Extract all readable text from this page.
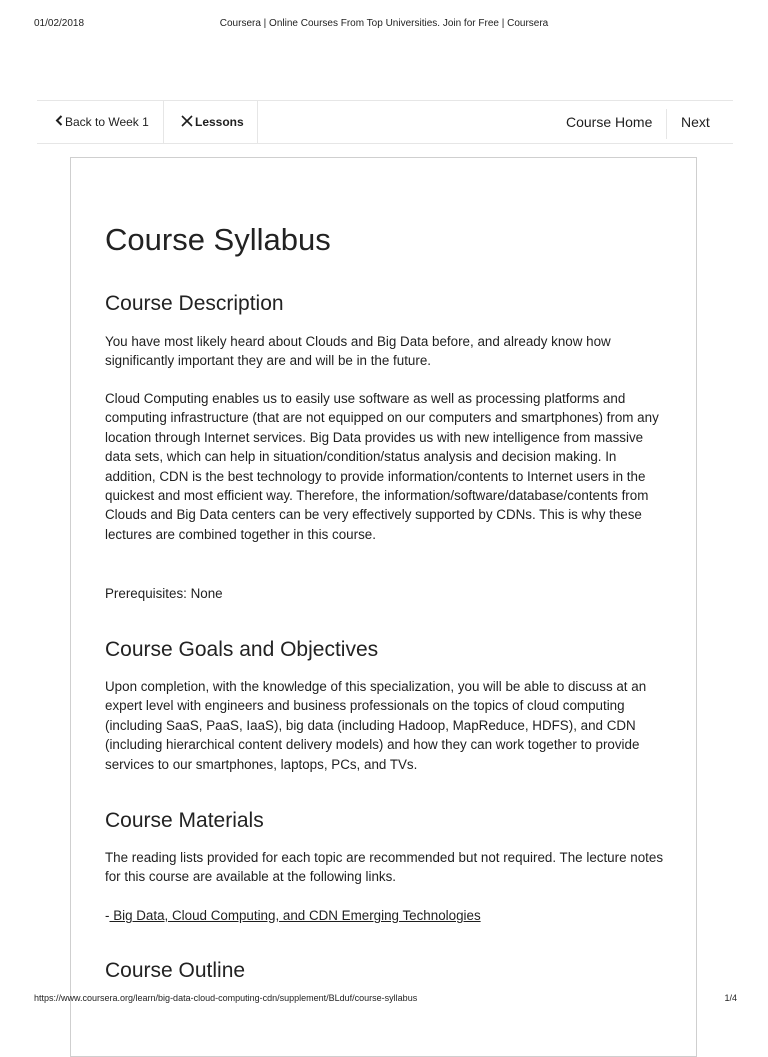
01/02/2018	Coursera | Online Courses From Top Universities. Join for Free | Coursera
Back to Week 1	Lessons	Course Home Next
Course Syllabus
Course Description

You have most likely heard about Clouds and Big Data before, and already know how significantly important they are and will be in the future.

Cloud Computing enables us to easily use software as well as processing platforms and computing infrastructure (that are not equipped on our computers and smartphones) from any location through Internet services. Big Data provides us with new intelligence from massive data sets, which can help in situation/condition/status analysis and decision making. In addition, CDN is the best technology to provide information/contents to Internet users in the quickest and most efficient way. Therefore, the information/software/database/contents from Clouds and Big Data centers can be very effectively supported by CDNs. This is why these lectures are combined together in this course.

Prerequisites: None

Course Goals and Objectives

Upon completion, with the knowledge of this specialization, you will be able to discuss at an expert level with engineers and business professionals on the topics of cloud computing (including SaaS, PaaS, IaaS), big data (including Hadoop, MapReduce, HDFS), and CDN (including hierarchical content delivery models) and how they can work together to provide services to our smartphones, laptops, PCs, and TVs.

Course Materials

The reading lists provided for each topic are recommended but not required. The lecture notes for this course are available at the following links.

- Big Data, Cloud Computing, and CDN Emerging Technologies

Course Outline
https://www.coursera.org/learn/big-data-cloud-computing-cdn/supplement/BLduf/course-syllabus	1/4
